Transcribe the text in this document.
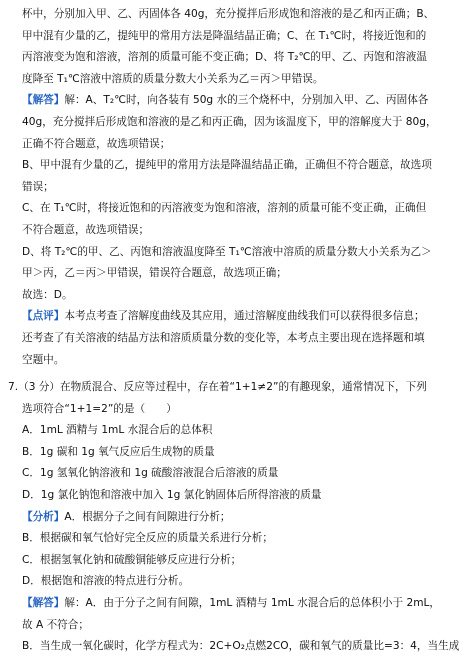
杯中，分别加入甲、乙、丙固体各 40g，充分搅拌后形成饱和溶液的是乙和丙正确；B、
甲中混有少量的乙，提纯甲的常用方法是降温结晶正确；C、在 T₁℃时，将接近饱和的
丙溶液变为饱和溶液，溶剂的质量可能不变正确；D、将 T₂℃的甲、乙、丙饱和溶液温
度降至 T₁℃溶液中溶质的质量分数大小关系为乙＝丙＞甲错误。
【解答】解：A、T₂℃时，向各装有 50g 水的三个烧杯中，分别加入甲、乙、丙固体各
40g，充分搅拌后形成饱和溶液的是乙和丙正确，因为该温度下，甲的溶解度大于 80g，
正确不符合题意，故选项错误；
B、甲中混有少量的乙，提纯甲的常用方法是降温结晶正确，正确但不符合题意，故选项
错误；
C、在 T₁℃时，将接近饱和的丙溶液变为饱和溶液，溶剂的质量可能不变正确，正确但
不符合题意，故选项错误；
D、将 T₂℃的甲、乙、丙饱和溶液温度降至 T₁℃溶液中溶质的质量分数大小关系为乙＞
甲＞丙，乙＝丙＞甲错误，错误符合题意，故选项正确；
故选：D。
【点评】本考点考查了溶解度曲线及其应用，通过溶解度曲线我们可以获得很多信息；
还考查了有关溶液的结晶方法和溶质质量分数的变化等，本考点主要出现在选择题和填
空题中。
7.（3 分）在物质混合、反应等过程中，存在着“1+1≠2”的有趣现象，通常情况下，下列
选项符合“1+1=2”的是（　　）
A．1mL 酒精与 1mL 水混合后的总体积
B．1g 碳和 1g 氧气反应后生成物的质量
C．1g 氢氧化钠溶液和 1g 硫酸溶液混合后溶液的质量
D．1g 氯化钠饱和溶液中加入 1g 氯化钠固体后所得溶液的质量
【分析】A．根据分子之间有间隙进行分析；
B．根据碳和氧气恰好完全反应的质量关系进行分析；
C．根据氢氧化钠和硫酸铜能够反应进行分析；
D．根据饱和溶液的特点进行分析。
【解答】解：A．由于分子之间有间隙，1mL 酒精与 1mL 水混合后的总体积小于 2mL，
故 A 不符合；
B．当生成一氧化碳时，化学方程式为：2C+O₂点燃2CO，碳和氧气的质量比=3：4，当生成
